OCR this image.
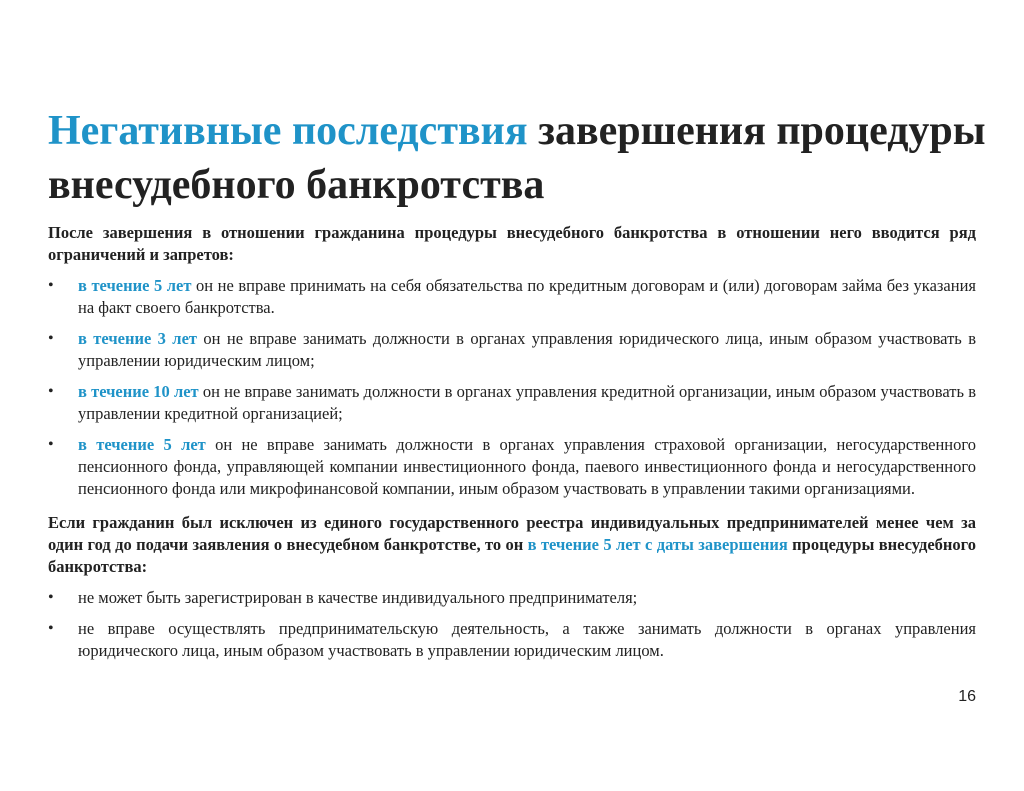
Негативные последствия завершения процедуры внесудебного банкротства

После завершения в отношении гражданина процедуры внесудебного банкротства в отношении него вводится ряд ограничений и запретов:

• в течение 5 лет он не вправе принимать на себя обязательства по кредитным договорам и (или) договорам займа без указания на факт своего банкротства.
• в течение 3 лет он не вправе занимать должности в органах управления юридического лица, иным образом участвовать в управлении юридическим лицом;
• в течение 10 лет он не вправе занимать должности в органах управления кредитной организации, иным образом участвовать в управлении кредитной организацией;
• в течение 5 лет он не вправе занимать должности в органах управления страховой организации, негосударственного пенсионного фонда, управляющей компании инвестиционного фонда, паевого инвестиционного фонда и негосударственного пенсионного фонда или микрофинансовой компании, иным образом участвовать в управлении такими организациями.

Если гражданин был исключен из единого государственного реестра индивидуальных предпринимателей менее чем за один год до подачи заявления о внесудебном банкротстве, то он в течение 5 лет с даты завершения процедуры внесудебного банкротства:

• не может быть зарегистрирован в качестве индивидуального предпринимателя;
• не вправе осуществлять предпринимательскую деятельность, а также занимать должности в органах управления юридического лица, иным образом участвовать в управлении юридическим лицом.
16
